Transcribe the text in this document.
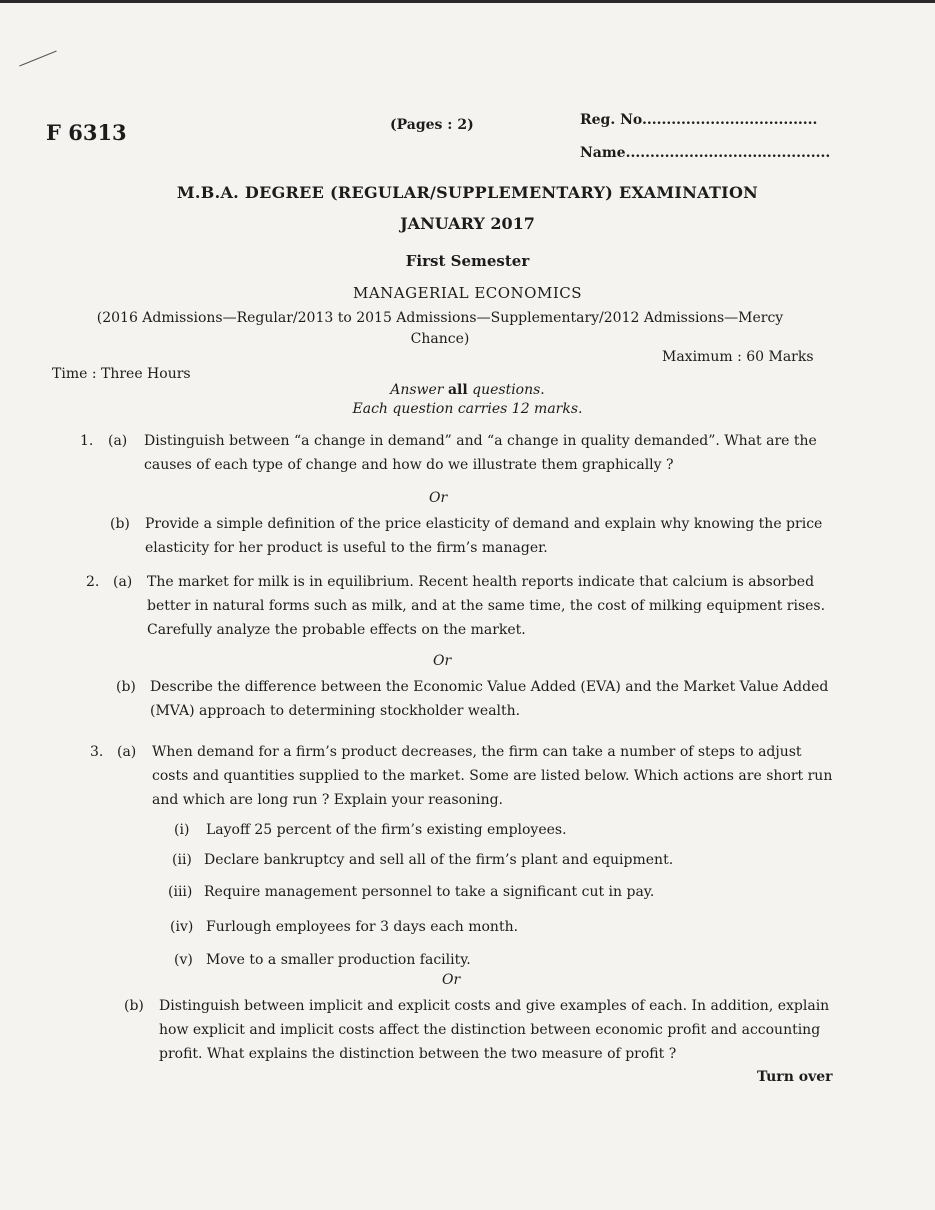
F 6313	(Pages : 2)	Reg. No....................................
Name..........................................
M.B.A. DEGREE (REGULAR/SUPPLEMENTARY) EXAMINATION
JANUARY 2017
First Semester
MANAGERIAL ECONOMICS
(2016 Admissions—Regular/2013 to 2015 Admissions—Supplementary/2012 Admissions—Mercy Chance)
Time : Three Hours
Maximum : 60 Marks
Answer all questions.
Each question carries 12 marks.
1. (a) Distinguish between “a change in demand” and “a change in quality demanded”. What are the causes of each type of change and how do we illustrate them graphically ?
Or
(b) Provide a simple definition of the price elasticity of demand and explain why knowing the price elasticity for her product is useful to the firm’s manager.
2. (a) The market for milk is in equilibrium. Recent health reports indicate that calcium is absorbed better in natural forms such as milk, and at the same time, the cost of milking equipment rises. Carefully analyze the probable effects on the market.
Or
(b) Describe the difference between the Economic Value Added (EVA) and the Market Value Added (MVA) approach to determining stockholder wealth.
3. (a) When demand for a firm’s product decreases, the firm can take a number of steps to adjust costs and quantities supplied to the market. Some are listed below. Which actions are short run and which are long run ? Explain your reasoning.
(i) Layoff 25 percent of the firm’s existing employees.
(ii) Declare bankruptcy and sell all of the firm’s plant and equipment.
(iii) Require management personnel to take a significant cut in pay.
(iv) Furlough employees for 3 days each month.
(v) Move to a smaller production facility.
Or
(b) Distinguish between implicit and explicit costs and give examples of each. In addition, explain how explicit and implicit costs affect the distinction between economic profit and accounting profit. What explains the distinction between the two measure of profit ?
Turn over
